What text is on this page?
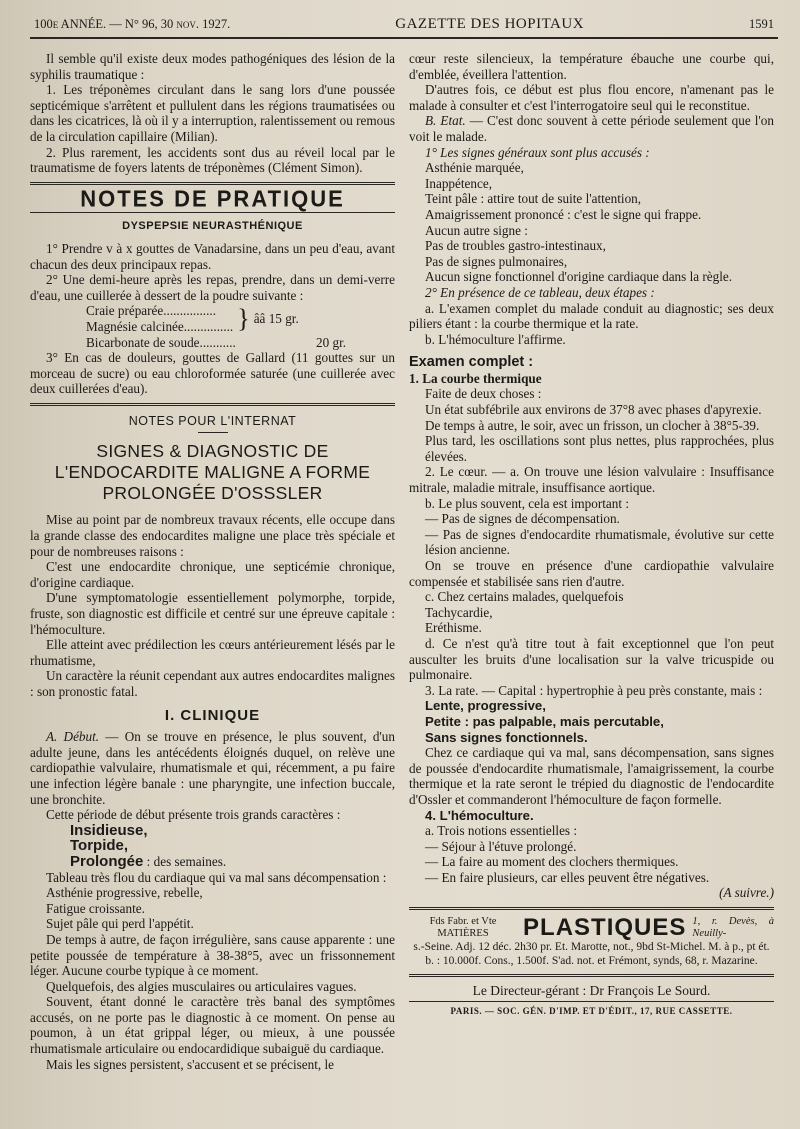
100e ANNÉE. — N° 96, 30 nov. 1927.	GAZETTE DES HOPITAUX	1591

Il semble qu'il existe deux modes pathogéniques des lésion de la syphilis traumatique :

1. Les tréponèmes circulant dans le sang lors d'une poussée septicémique s'arrêtent et pullulent dans les régions traumatisées ou dans les cicatrices, là où il y a interruption, ralentissement ou remous de la circulation capillaire (Milian).

2. Plus rarement, les accidents sont dus au réveil local par le traumatisme de foyers latents de tréponèmes (Clément Simon).

NOTES DE PRATIQUE
DYSPEPSIE NEURASTHÉNIQUE

1° Prendre v à x gouttes de Vanadarsine, dans un peu d'eau, avant chacun des deux principaux repas.

2° Une demi-heure après les repas, prendre, dans un demi-verre d'eau, une cuillerée à dessert de la poudre suivante :

Craie préparée................
Magnésie calcinée............... } ââ 15 gr.
Bicarbonate de soude...........	20 gr.

3° En cas de douleurs, gouttes de Gallard (11 gouttes sur un morceau de sucre) ou eau chloroformée saturée (une cuillerée avec deux cuillerées d'eau).

NOTES POUR L'INTERNAT
SIGNES & DIAGNOSTIC DE L'ENDOCARDITE MALIGNE A FORME PROLONGÉE D'OSSSLER

Mise au point par de nombreux travaux récents, elle occupe dans la grande classe des endocardites maligne une place très spéciale et pour de nombreuses raisons :

C'est une endocardite chronique, une septicémie chronique, d'origine cardiaque.

D'une symptomatologie essentiellement polymorphe, torpide, fruste, son diagnostic est difficile et centré sur une épreuve capitale : l'hémoculture.

Elle atteint avec prédilection les cœurs antérieurement lésés par le rhumatisme,

Un caractère la réunit cependant aux autres endocardites malignes : son pronostic fatal.

I. CLINIQUE

A. Début. — On se trouve en présence, le plus souvent, d'un adulte jeune, dans les antécédents éloignés duquel, on relève une cardiopathie valvulaire, rhumatismale et qui, récemment, a pu faire une infection légère banale : une pharyngite, une infection buccale, une bronchite.

Cette période de début présente trois grands caractères :

Insidieuse,

Torpide,

Prolongée : des semaines.

Tableau très flou du cardiaque qui va mal sans décompensation :

Asthénie progressive, rebelle,

Fatigue croissante.

Sujet pâle qui perd l'appétit.

De temps à autre, de façon irrégulière, sans cause apparente : une petite poussée de température à 38-38°5, avec un frissonnement léger. Aucune courbe typique à ce moment.

Quelquefois, des algies musculaires ou articulaires vagues.

Souvent, étant donné le caractère très banal des symptômes accusés, on ne porte pas le diagnostic à ce moment. On pense au poumon, à un état grippal léger, ou mieux, à une poussée rhumatismale articulaire ou endocardidique subaiguë du cardiaque.

Mais les signes persistent, s'accusent et se précisent, le

cœur reste silencieux, la température ébauche une courbe qui, d'emblée, éveillera l'attention.

D'autres fois, ce début est plus flou encore, n'amenant pas le malade à consulter et c'est l'interrogatoire seul qui le reconstitue.

B. Etat. — C'est donc souvent à cette période seulement que l'on voit le malade.

1° Les signes généraux sont plus accusés :

Asthénie marquée,

Inappétence,

Teint pâle : attire tout de suite l'attention,

Amaigrissement prononcé : c'est le signe qui frappe.

Aucun autre signe :

Pas de troubles gastro-intestinaux,

Pas de signes pulmonaires,

Aucun signe fonctionnel d'origine cardiaque dans la règle.

2° En présence de ce tableau, deux étapes :

a. L'examen complet du malade conduit au diagnostic; ses deux piliers étant : la courbe thermique et la rate.

b. L'hémoculture l'affirme.

Examen complet :

1. La courbe thermique

Faite de deux choses :

Un état subfébrile aux environs de 37°8 avec phases d'apyrexie.

De temps à autre, le soir, avec un frisson, un clocher à 38°5-39.

Plus tard, les oscillations sont plus nettes, plus rapprochées, plus élevées.

2. Le cœur. — a. On trouve une lésion valvulaire : Insuffisance mitrale, maladie mitrale, insuffisance aortique.

b. Le plus souvent, cela est important :

— Pas de signes de décompensation.

— Pas de signes d'endocardite rhumatismale, évolutive sur cette lésion ancienne.

On se trouve en présence d'une cardiopathie valvulaire compensée et stabilisée sans rien d'autre.

c. Chez certains malades, quelquefois

Tachycardie,

Eréthisme.

d. Ce n'est qu'à titre tout à fait exceptionnel que l'on peut ausculter les bruits d'une localisation sur la valve tricuspide ou pulmonaire.

3. La rate. — Capital : hypertrophie à peu près constante, mais :

Lente, progressive,

Petite : pas palpable, mais percutable,

Sans signes fonctionnels.

Chez ce cardiaque qui va mal, sans décompensation, sans signes de poussée d'endocardite rhumatismale, l'amaigrissement, la courbe thermique et la rate seront le trépied du diagnostic de l'endocardite d'Ossler et commanderont l'hémoculture de façon formelle.

4. L'hémoculture.

a. Trois notions essentielles :

— Séjour à l'étuve prolongé.

— La faire au moment des clochers thermiques.

— En faire plusieurs, car elles peuvent être négatives.

(A suivre.)

Fds Fabr. et Vte MATIÈRES	PLASTIQUES 1, r. Devès, à Neuilly-
s.-Seine. Adj. 12 déc. 2h30 pr. Et. Marotte, not., 9bd St-Michel. M. à p., pt ét. b. : 10.000f. Cons., 1.500f. S'ad. not. et Frémont, synds, 68, r. Mazarine.
Le Directeur-gérant : Dr François Le Sourd.
PARIS. — SOC. GÉN. D'IMP. ET D'ÉDIT., 17, RUE CASSETTE.
